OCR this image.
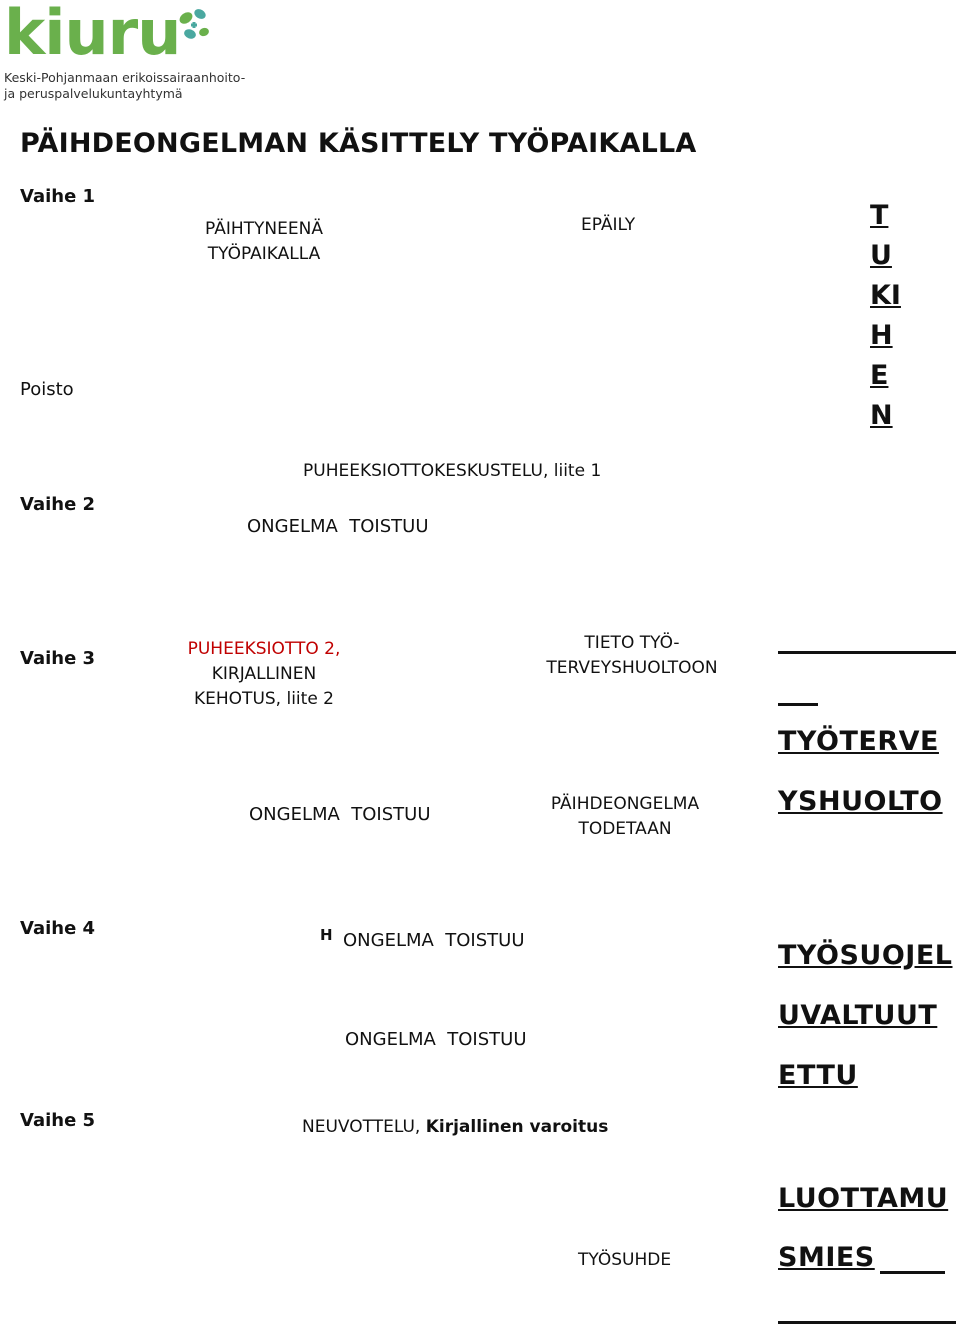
kiuru
Keski-Pohjanmaan erikoissairaanhoito-
ja peruspalvelukuntayhtymä
PÄIHDEONGELMAN KÄSITTELY TYÖPAIKALLA
Vaihe 1
Poisto
Vaihe 2
Vaihe 3
Vaihe 4
Vaihe 5
PÄIHTYNEENÄ
TYÖPAIKALLA
EPÄILY	T
U
KI
H
E
N
PUHEEKSIOTTOKESKUSTELU, liite 1
ONGELMA  TOISTUU
PUHEEKSIOTTO 2,
KIRJALLINEN
KEHOTUS, liite 2
TIETO TYÖ-
TERVEYSHUOLTOON
ONGELMA  TOISTUU	PÄIHDEONGELMA
TODETAAN
H ONGELMA  TOISTUU
ONGELMA  TOISTUU
NEUVOTTELU, Kirjallinen varoitus
TYÖSUHDE
TYÖTERVE
YSHUOLTO
TYÖSUOJEL
UVALTUUT
ETTU
LUOTTAMU
SMIES
